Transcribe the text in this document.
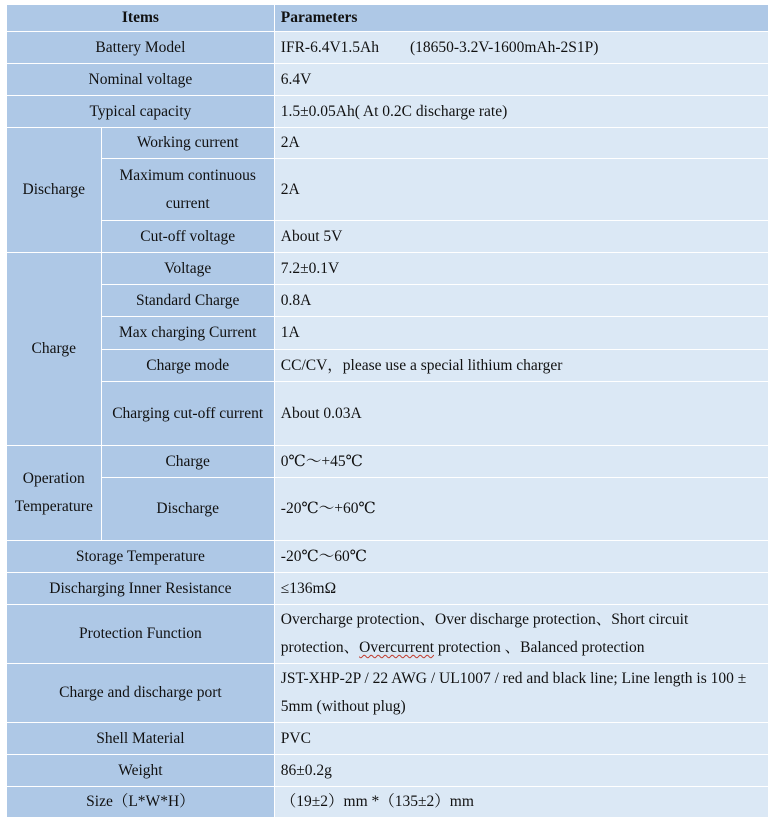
Items		Parameters
Battery Model		IFR-6.4V1.5Ah　　(18650-3.2V-1600mAh-2S1P)
Nominal voltage		6.4V
Typical capacity		1.5±0.05Ah( At 0.2C discharge rate)
Discharge	Working current	2A
	Maximum continuous current	2A
	Cut-off voltage	About 5V
Charge	Voltage	7.2±0.1V
	Standard Charge	0.8A
	Max charging Current	1A
	Charge mode	CC/CV，please use a special lithium charger
	Charging cut-off current	About 0.03A
Operation Temperature	Charge	0℃～+45℃
	Discharge	-20℃～+60℃
Storage Temperature		-20℃～60℃
Discharging Inner Resistance		≤136mΩ
Protection Function		Overcharge protection、Over discharge protection、Short circuit protection、Overcurrent protection 、Balanced protection
Charge and discharge port		JST-XHP-2P / 22 AWG / UL1007 / red and black line; Line length is 100 ± 5mm (without plug)
Shell Material		PVC
Weight		86±0.2g
Size（L*W*H）		（19±2）mm *（135±2）mm
